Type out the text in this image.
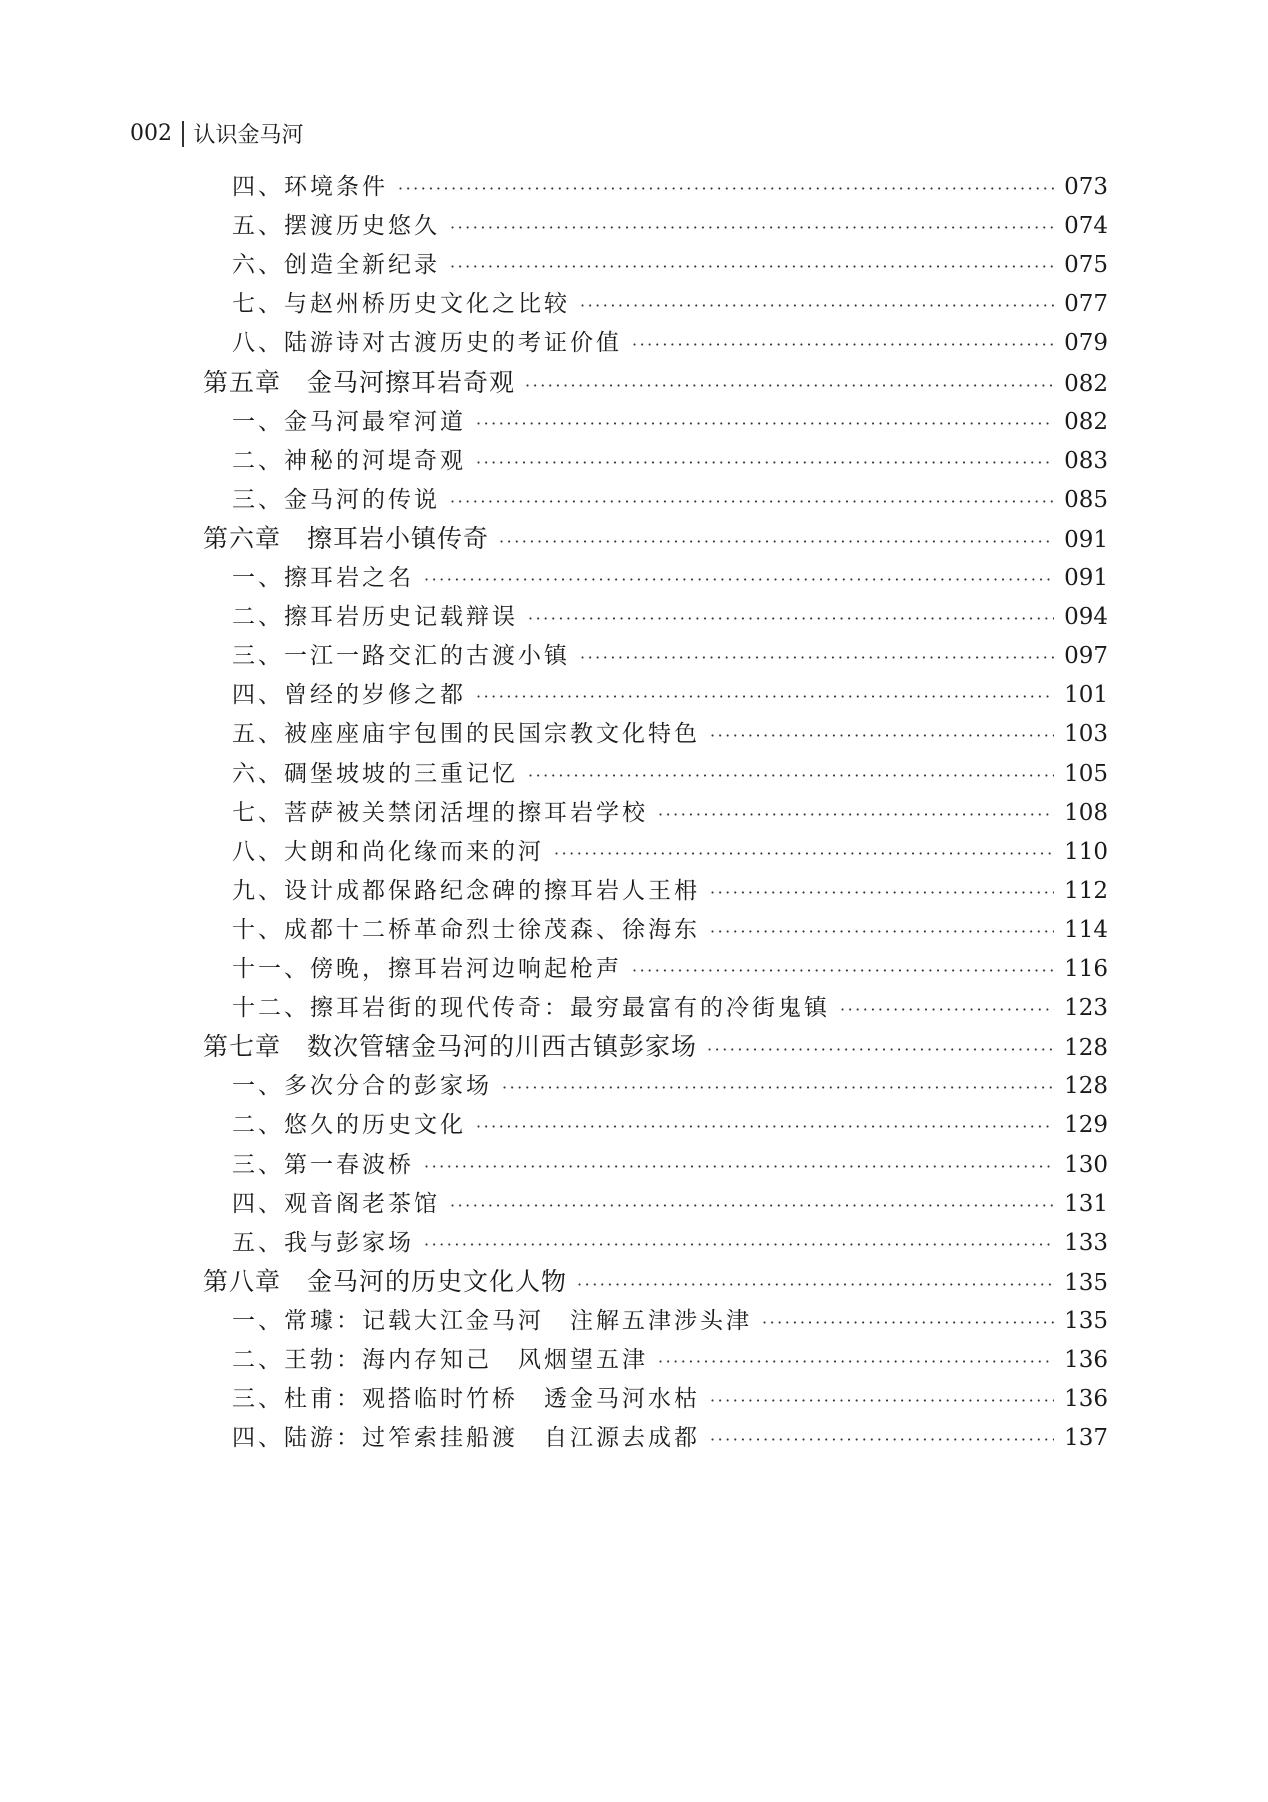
002 认识金马河
四、环境条件 ·····	073
五、摆渡历史悠久 ·····	074
六、创造全新纪录 ·····	075
七、与赵州桥历史文化之比较 ·····	077
八、陆游诗对古渡历史的考证价值 ·····	079
第五章　金马河擦耳岩奇观 ·····	082
一、金马河最窄河道 ·····	082
二、神秘的河堤奇观 ·····	083
三、金马河的传说 ·····	085
第六章　擦耳岩小镇传奇 ·····	091
一、擦耳岩之名 ·····	091
二、擦耳岩历史记载辩误 ·····	094
三、一江一路交汇的古渡小镇 ·····	097
四、曾经的岁修之都 ·····	101
五、被座座庙宇包围的民国宗教文化特色 ·····	103
六、碉堡坡坡的三重记忆 ·····	105
七、菩萨被关禁闭活埋的擦耳岩学校 ·····	108
八、大朗和尚化缘而来的河 ·····	110
九、设计成都保路纪念碑的擦耳岩人王枏 ·····	112
十、成都十二桥革命烈士徐茂森、徐海东 ·····	114
十一、傍晚，擦耳岩河边响起枪声 ·····	116
十二、擦耳岩街的现代传奇：最穷最富有的冷街鬼镇 ·····	123
第七章　数次管辖金马河的川西古镇彭家场 ·····	128
一、多次分合的彭家场 ·····	128
二、悠久的历史文化 ·····	129
三、第一春波桥 ·····	130
四、观音阁老茶馆 ·····	131
五、我与彭家场 ·····	133
第八章　金马河的历史文化人物 ·····	135
一、常璩：记载大江金马河　注解五津涉头津 ·····	135
二、王勃：海内存知己　风烟望五津 ·····	136
三、杜甫：观搭临时竹桥　透金马河水枯 ·····	136
四、陆游：过笮索挂船渡　自江源去成都 ·····	137
